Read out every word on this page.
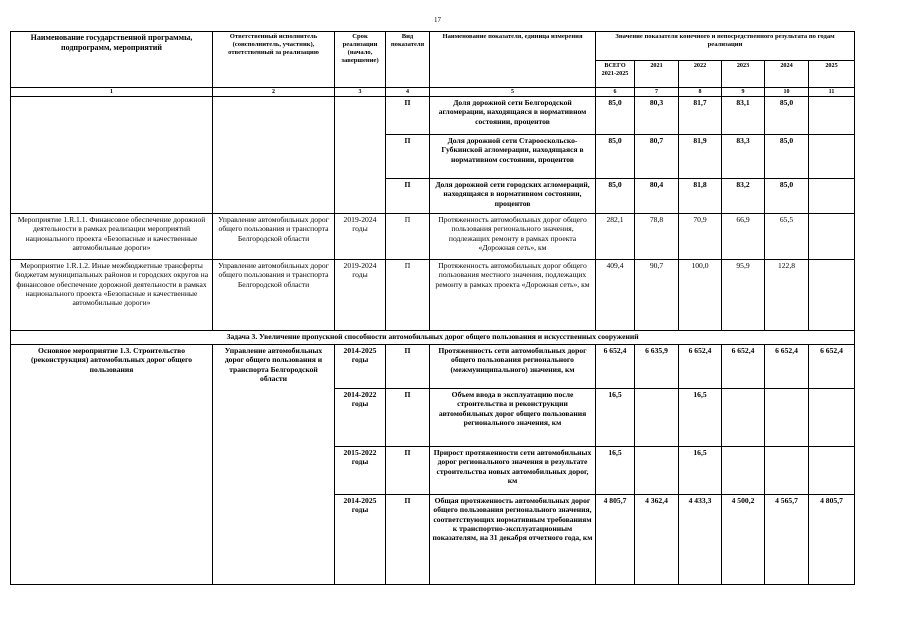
17
Наименование государственной программы, подпрограмм, мероприятий	Ответственный исполнитель (соисполнитель, участник), ответственный за реализацию	Срок реализации (начало, завершение)	Вид показателя	Наименование показателя, единица измерения	Значение показателя конечного и непосредственного результата по годам реализации					
					ВСЕГО 2021-2025	2021	2022	2023	2024	2025
1	2	3	4	5	6	7	8	9	10	11
			П	Доля дорожной сети Белгородской агломерации, находящаяся в нормативном состоянии, процентов	85,0	80,3	81,7	83,1	85,0	
			П	Доля дорожной сети Старооскольско-Губкинской агломерации, находящаяся в нормативном состоянии, процентов	85,0	80,7	81,9	83,3	85,0	
			П	Доля дорожной сети городских агломераций, находящаяся в нормативном состоянии, процентов	85,0	80,4	81,8	83,2	85,0	
Мероприятие 1.R.1.1. Финансовое обеспечение дорожной деятельности в рамках реализации мероприятий национального проекта «Безопасные и качественные автомобильные дороги»	Управление автомобильных дорог общего пользования и транспорта Белгородской области	2019-2024 годы	П	Протяженность автомобильных дорог общего пользования регионального значения, подлежащих ремонту в рамках проекта «Дорожная сеть», км	282,1	78,8	70,9	66,9	65,5	
Мероприятие 1.R.1.2. Иные межбюджетные трансферты бюджетам муниципальных районов и городских округов на финансовое обеспечение дорожной деятельности в рамках национального проекта «Безопасные и качественные автомобильные дороги»	Управление автомобильных дорог общего пользования и транспорта Белгородской области	2019-2024 годы	П	Протяженность автомобильных дорог общего пользования местного значения, подлежащих ремонту в рамках проекта «Дорожная сеть», км	409,4	90,7	100,0	95,9	122,8	
Задача 3. Увеличение пропускной способности автомобильных дорог общего пользования и искусственных сооружений										
Основное мероприятие 1.3. Строительство (реконструкция) автомобильных дорог общего пользования	Управление автомобильных дорог общего пользования и транспорта Белгородской области	2014-2025 годы	П	Протяженность сети автомобильных дорог общего пользования регионального (межмуниципального) значения, км	6 652,4	6 635,9	6 652,4	6 652,4	6 652,4	6 652,4
		2014-2022 годы	П	Объем ввода в эксплуатацию после строительства и реконструкции автомобильных дорог общего пользования регионального значения, км	16,5		16,5			
		2015-2022 годы	П	Прирост протяженности сети автомобильных дорог регионального значения в результате строительства новых автомобильных дорог, км	16,5		16,5			
		2014-2025 годы	П	Общая протяженность автомобильных дорог общего пользования регионального значения, соответствующих нормативным требованиям к транспортно-эксплуатационным показателям, на 31 декабря отчетного года, км	4 805,7	4 362,4	4 433,3	4 500,2	4 565,7	4 805,7
